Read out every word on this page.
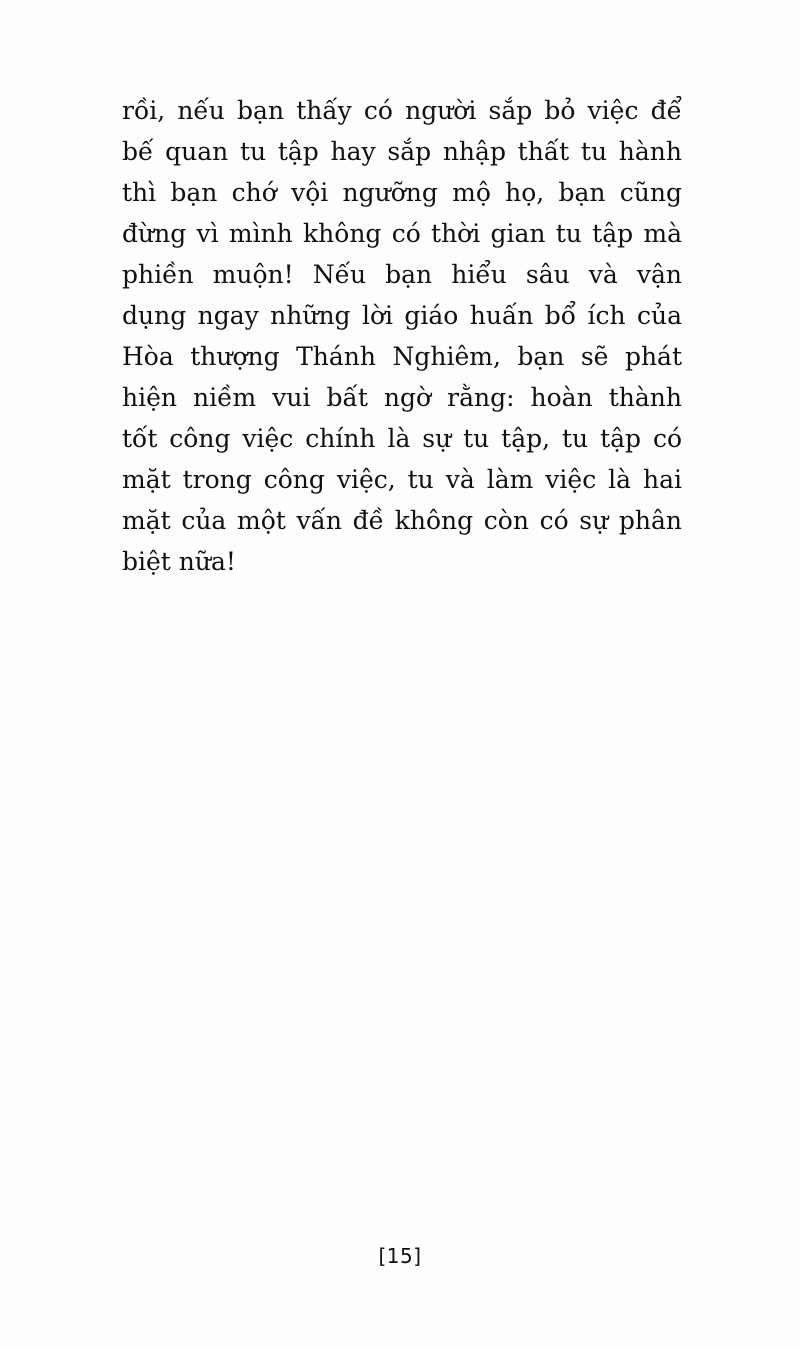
rồi, nếu bạn thấy có người sắp bỏ việc để
bế quan tu tập hay sắp nhập thất tu hành
thì bạn chớ vội ngưỡng mộ họ, bạn cũng
đừng vì mình không có thời gian tu tập mà
phiền muộn! Nếu bạn hiểu sâu và vận
dụng ngay những lời giáo huấn bổ ích của
Hòa thượng Thánh Nghiêm, bạn sẽ phát
hiện niềm vui bất ngờ rằng: hoàn thành
tốt công việc chính là sự tu tập, tu tập có
mặt trong công việc, tu và làm việc là hai
mặt của một vấn đề không còn có sự phân
biệt nữa!
[15]
